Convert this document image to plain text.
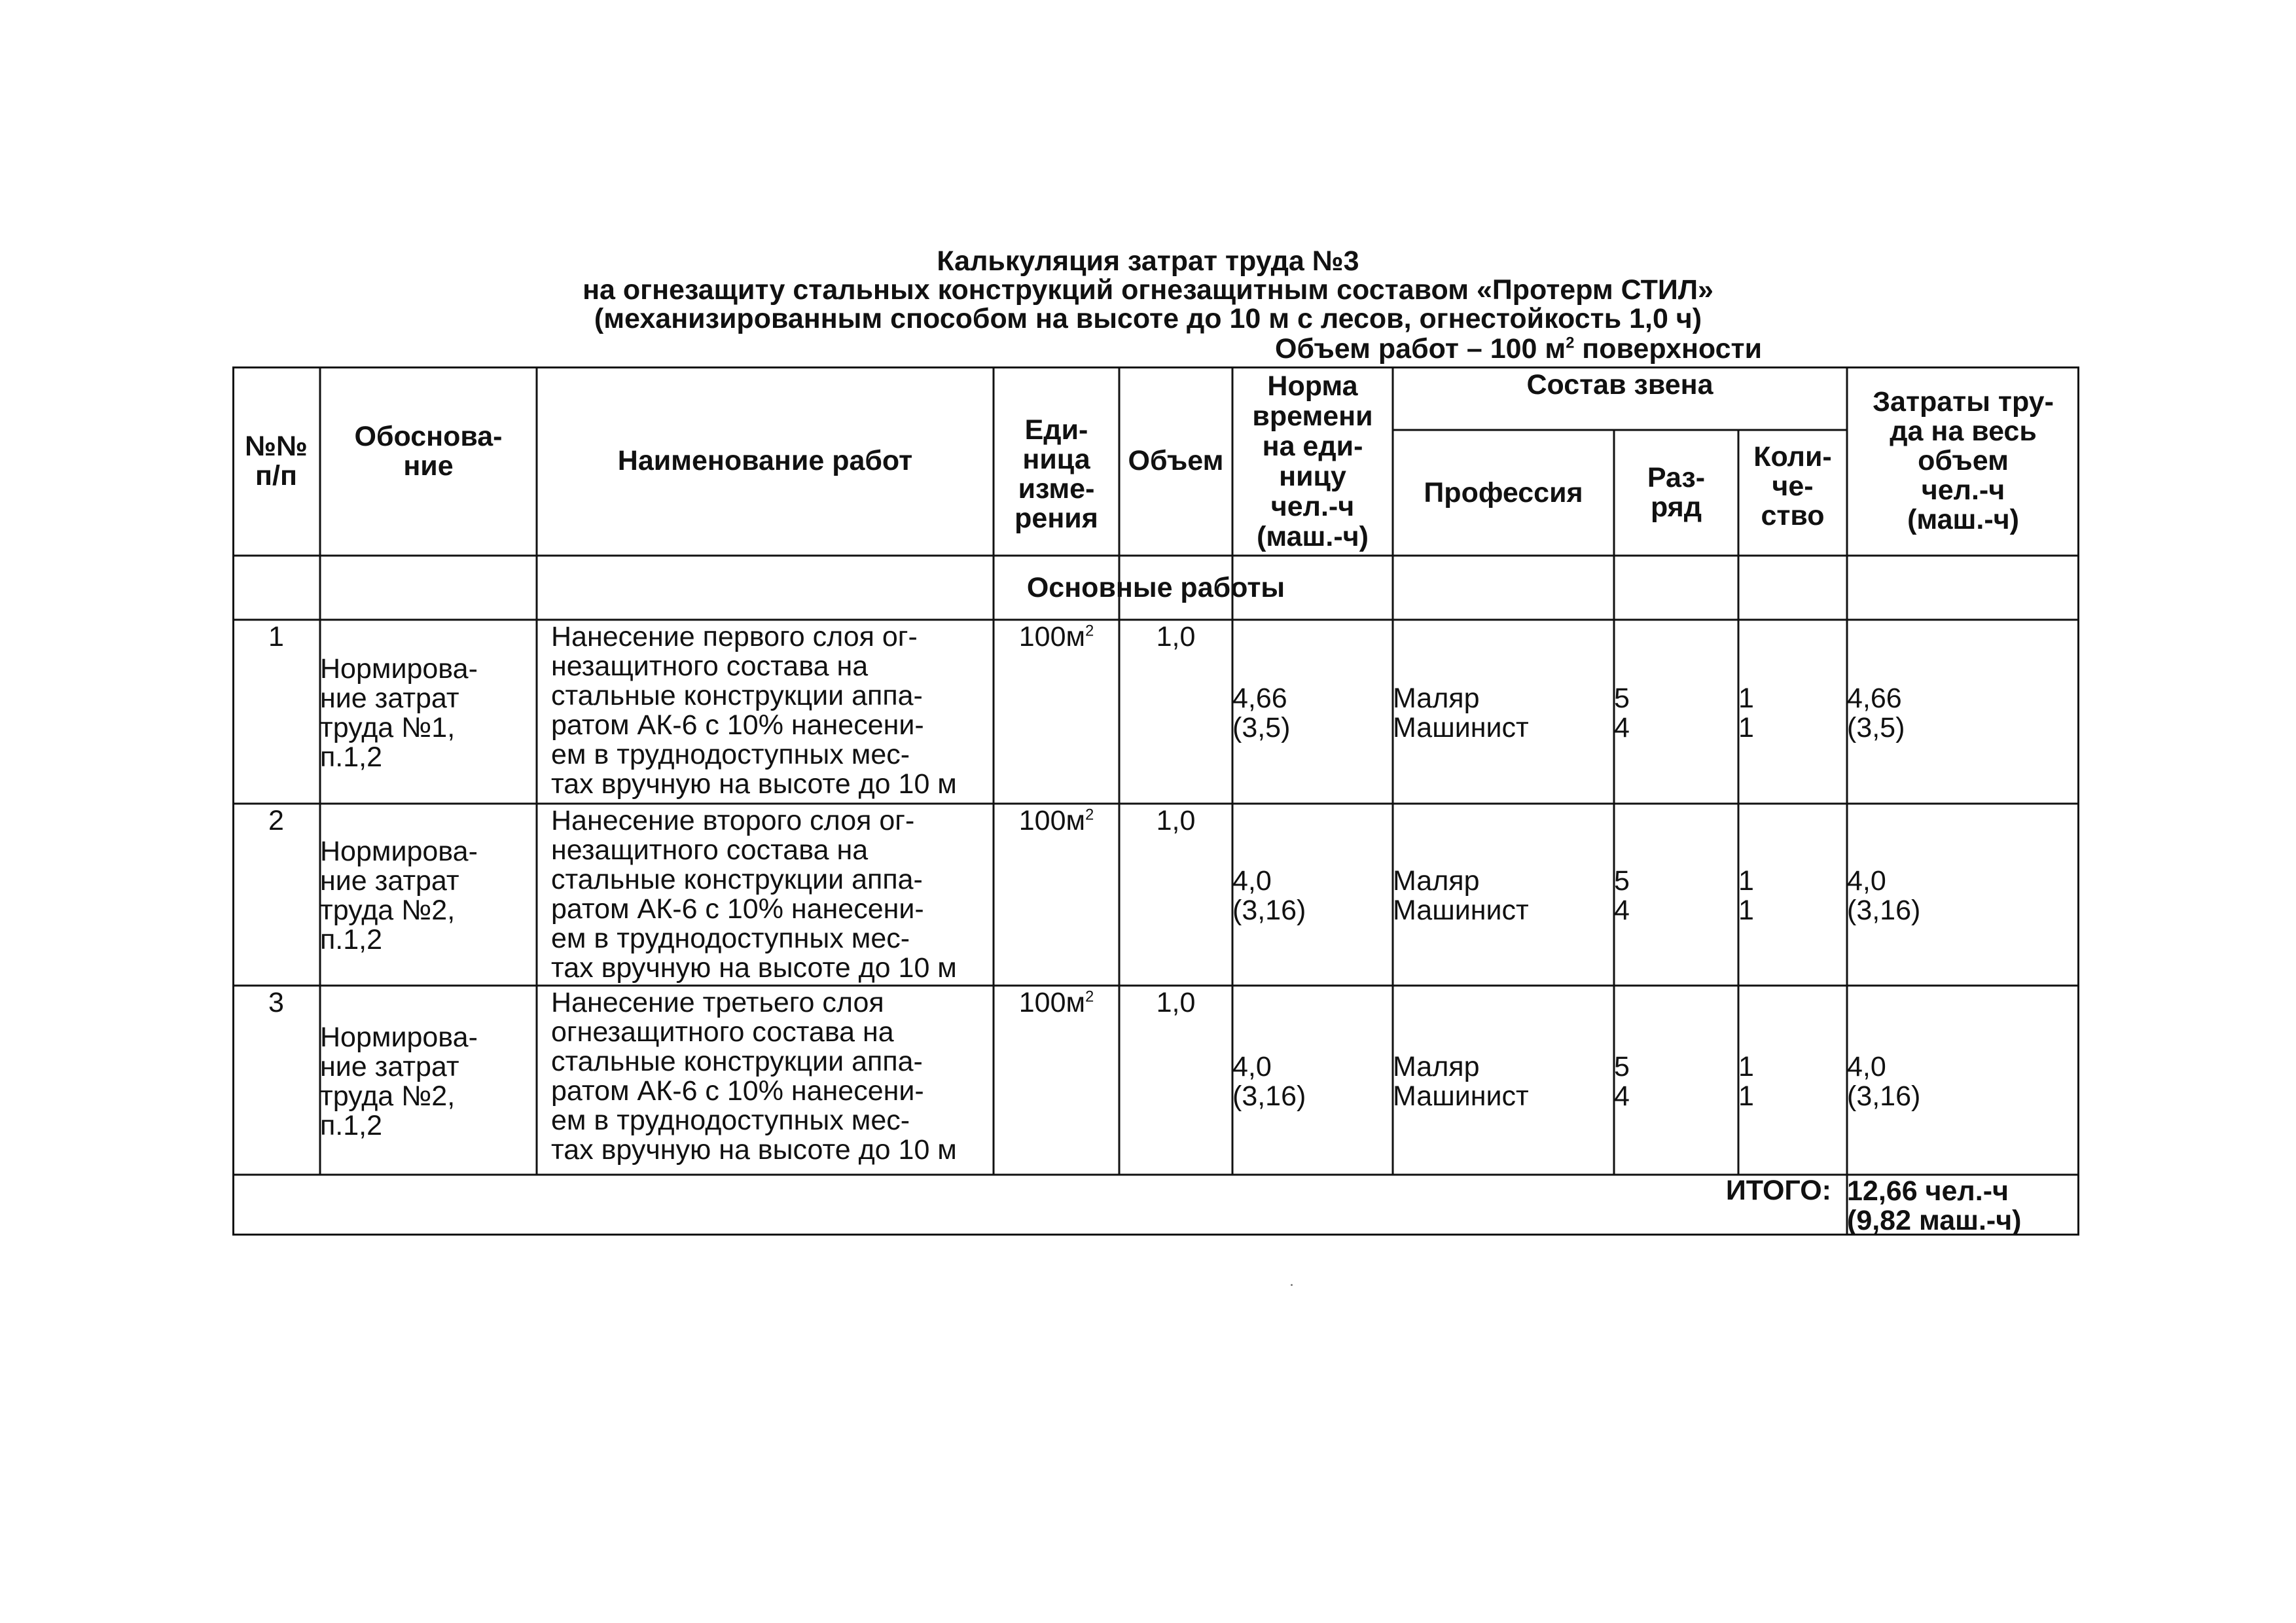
Калькуляция затрат труда №3
на огнезащиту стальных конструкций огнезащитным составом «Протерм СТИЛ»
(механизированным способом на высоте до 10 м с лесов, огнестойкость 1,0 ч)
Объем работ – 100 $м^2$ поверхности
№№
п/п
Обоснова-
ние	Наименование работ
Еди-
ница
изме-
рения
Объем
Норма
времени
на еди-
ницу
чел.-ч
(маш.-ч)
Состав звена
Профессия Раз-
ряд
Коли-
че-
ство
Затраты тру-
да на весь
объем
чел.-ч
(маш.-ч)
Основные работы
1
Нормирова-
ние затрат
труда №1,
п.1,2
Нанесение первого слоя ог-
незащитного состава на
стальные конструкции аппа-
ратом АК-6 с 10% нанесени-
ем в труднодоступных мес-
тах вручную на высоте до 10 м
$100м^2$ 1,0
4,66
(3,5)
Маляр
Машинист
5
4
1
1
4,66
(3,5)
2
Нормирова-
ние затрат
труда №2,
п.1,2
Нанесение второго слоя ог-
незащитного состава на
стальные конструкции аппа-
ратом АК-6 с 10% нанесени-
ем в труднодоступных мес-
тах вручную на высоте до 10 м
$100м^2$ 1,0
4,0
(3,16)
Маляр
Машинист
5
4
1
1
4,0
(3,16)
3
Нормирова-
ние затрат
труда №2,
п.1,2
Нанесение третьего слоя
огнезащитного состава на
стальные конструкции аппа-
ратом АК-6 с 10% нанесени-
ем в труднодоступных мес-
тах вручную на высоте до 10 м
$100м^2$ 1,0
4,0
(3,16)
Маляр
Машинист
5
4
1
1
4,0
(3,16)
ИТОГО: 12,66 чел.-ч
(9,82 маш.-ч)
